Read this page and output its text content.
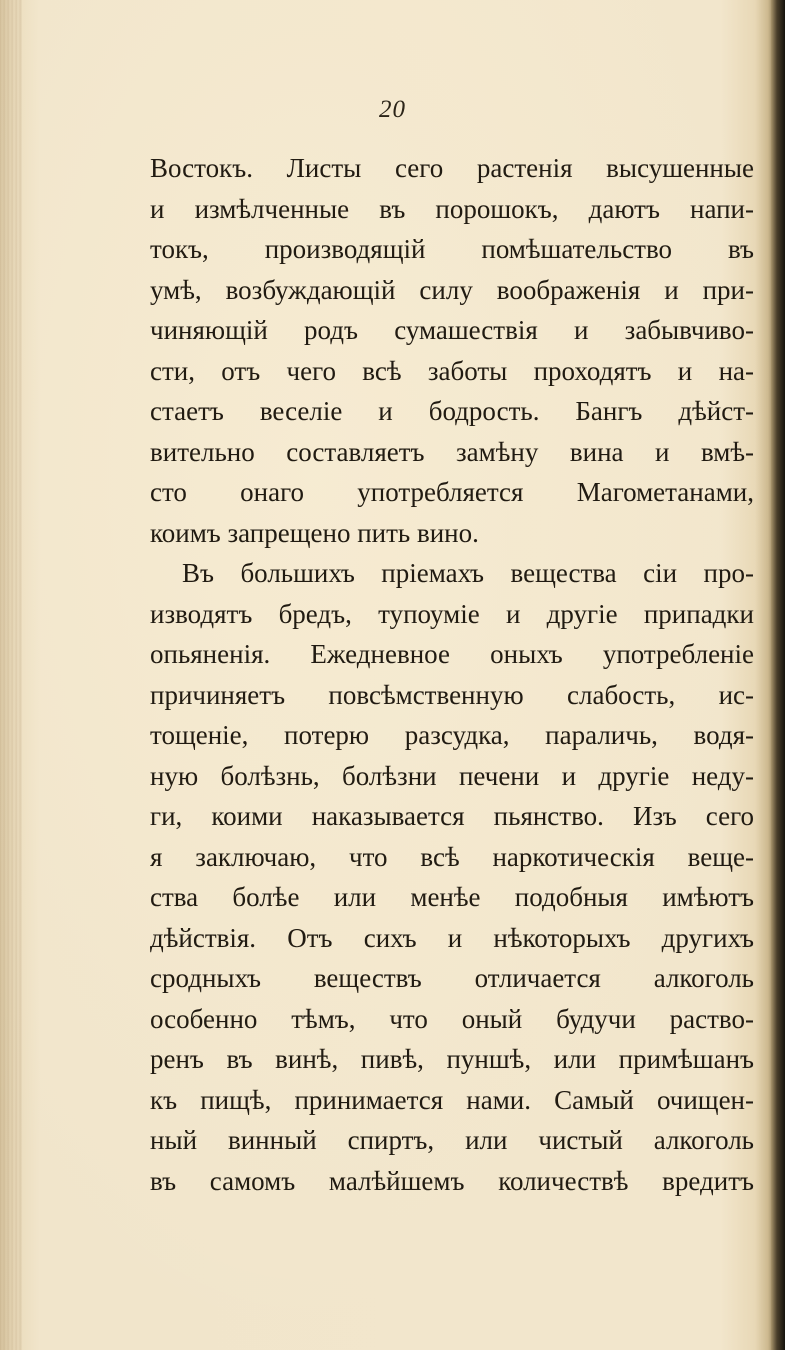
20
Востокъ. Листы сего растенія высушенные
и измѣлченные въ порошокъ, даютъ напи-
токъ, производящій помѣшательство въ
умѣ, возбуждающій силу воображенія и при-
чиняющій родъ сумашествія и забывчиво-
сти, отъ чего всѣ заботы проходятъ и на-
стаетъ веселіе и бодрость. Бангъ дѣйст-
вительно составляетъ замѣну вина и вмѣ-
сто онаго употребляется Магометанами,
коимъ запрещено пить вино.
Въ большихъ пріемахъ вещества сіи про-
изводятъ бредъ, тупоуміе и другіе припадки
опьяненія. Ежедневное оныхъ употребленіе
причиняетъ повсѣмственную слабость, ис-
тощеніе, потерю разсудка, параличь, водя-
ную болѣзнь, болѣзни печени и другіе неду-
ги, коими наказывается пьянство. Изъ сего
я заключаю, что всѣ наркотическія веще-
ства болѣе или менѣе подобныя имѣютъ
дѣйствія. Отъ сихъ и нѣкоторыхъ другихъ
сродныхъ веществъ отличается алкоголь
особенно тѣмъ, что оный будучи раство-
ренъ въ винѣ, пивѣ, пуншѣ, или примѣшанъ
къ пищѣ, принимается нами. Самый очищен-
ный винный спиртъ, или чистый алкоголь
въ самомъ малѣйшемъ количествѣ вредитъ
